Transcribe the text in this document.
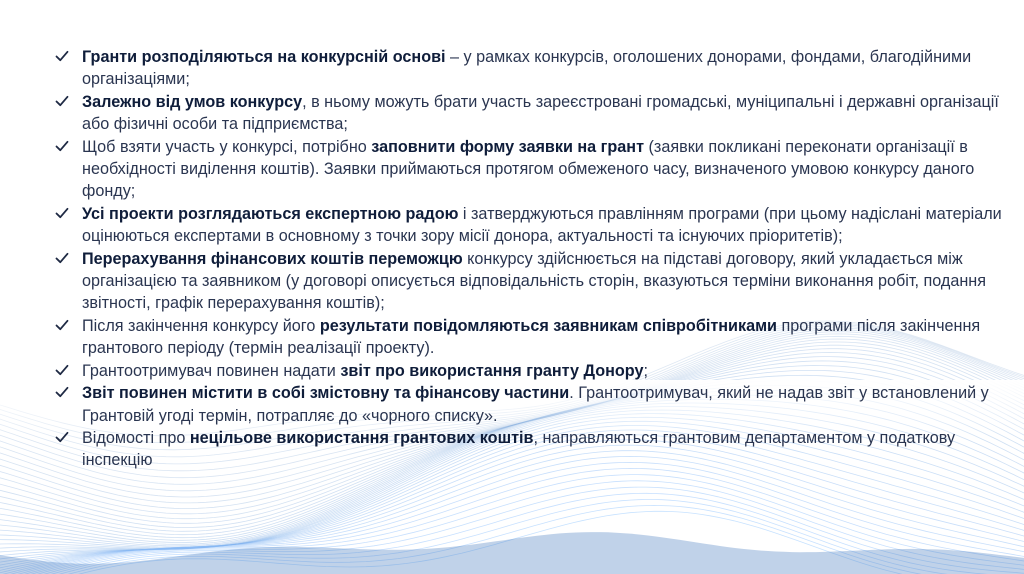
Гранти розподіляються на конкурсній основі – у рамках конкурсів, оголошених донорами, фондами, благодійними організаціями;
Залежно від умов конкурсу, в ньому можуть брати участь зареєстровані громадські, муніципальні і державні організації або фізичні особи та підприємства;
Щоб взяти участь у конкурсі, потрібно заповнити форму заявки на грант (заявки покликані переконати організації в необхідності виділення коштів). Заявки приймаються протягом обмеженого часу, визначеного умовою конкурсу даного фонду;
Усі проекти розглядаються експертною радою і затверджуються правлінням програми (при цьому надіслані матеріали оцінюються експертами в основному з точки зору місії донора, актуальності та існуючих пріоритетів);
Перерахування фінансових коштів переможцю конкурсу здійснюється на підставі договору, який укладається між організацією та заявником (у договорі описується відповідальність сторін, вказуються терміни виконання робіт, подання звітності, графік перерахування коштів);
Після закінчення конкурсу його результати повідомляються заявникам співробітниками програми після закінчення грантового періоду (термін реалізації проекту).
Грантоотримувач повинен надати звіт про використання гранту Донору;
Звіт повинен містити в собі змістовну та фінансову частини. Грантоотримувач, який не надав звіт у встановлений у Грантовій угоді термін, потрапляє до «чорного списку».
Відомості про нецільове використання грантових коштів, направляються грантовим департаментом у податкову інспекцію
